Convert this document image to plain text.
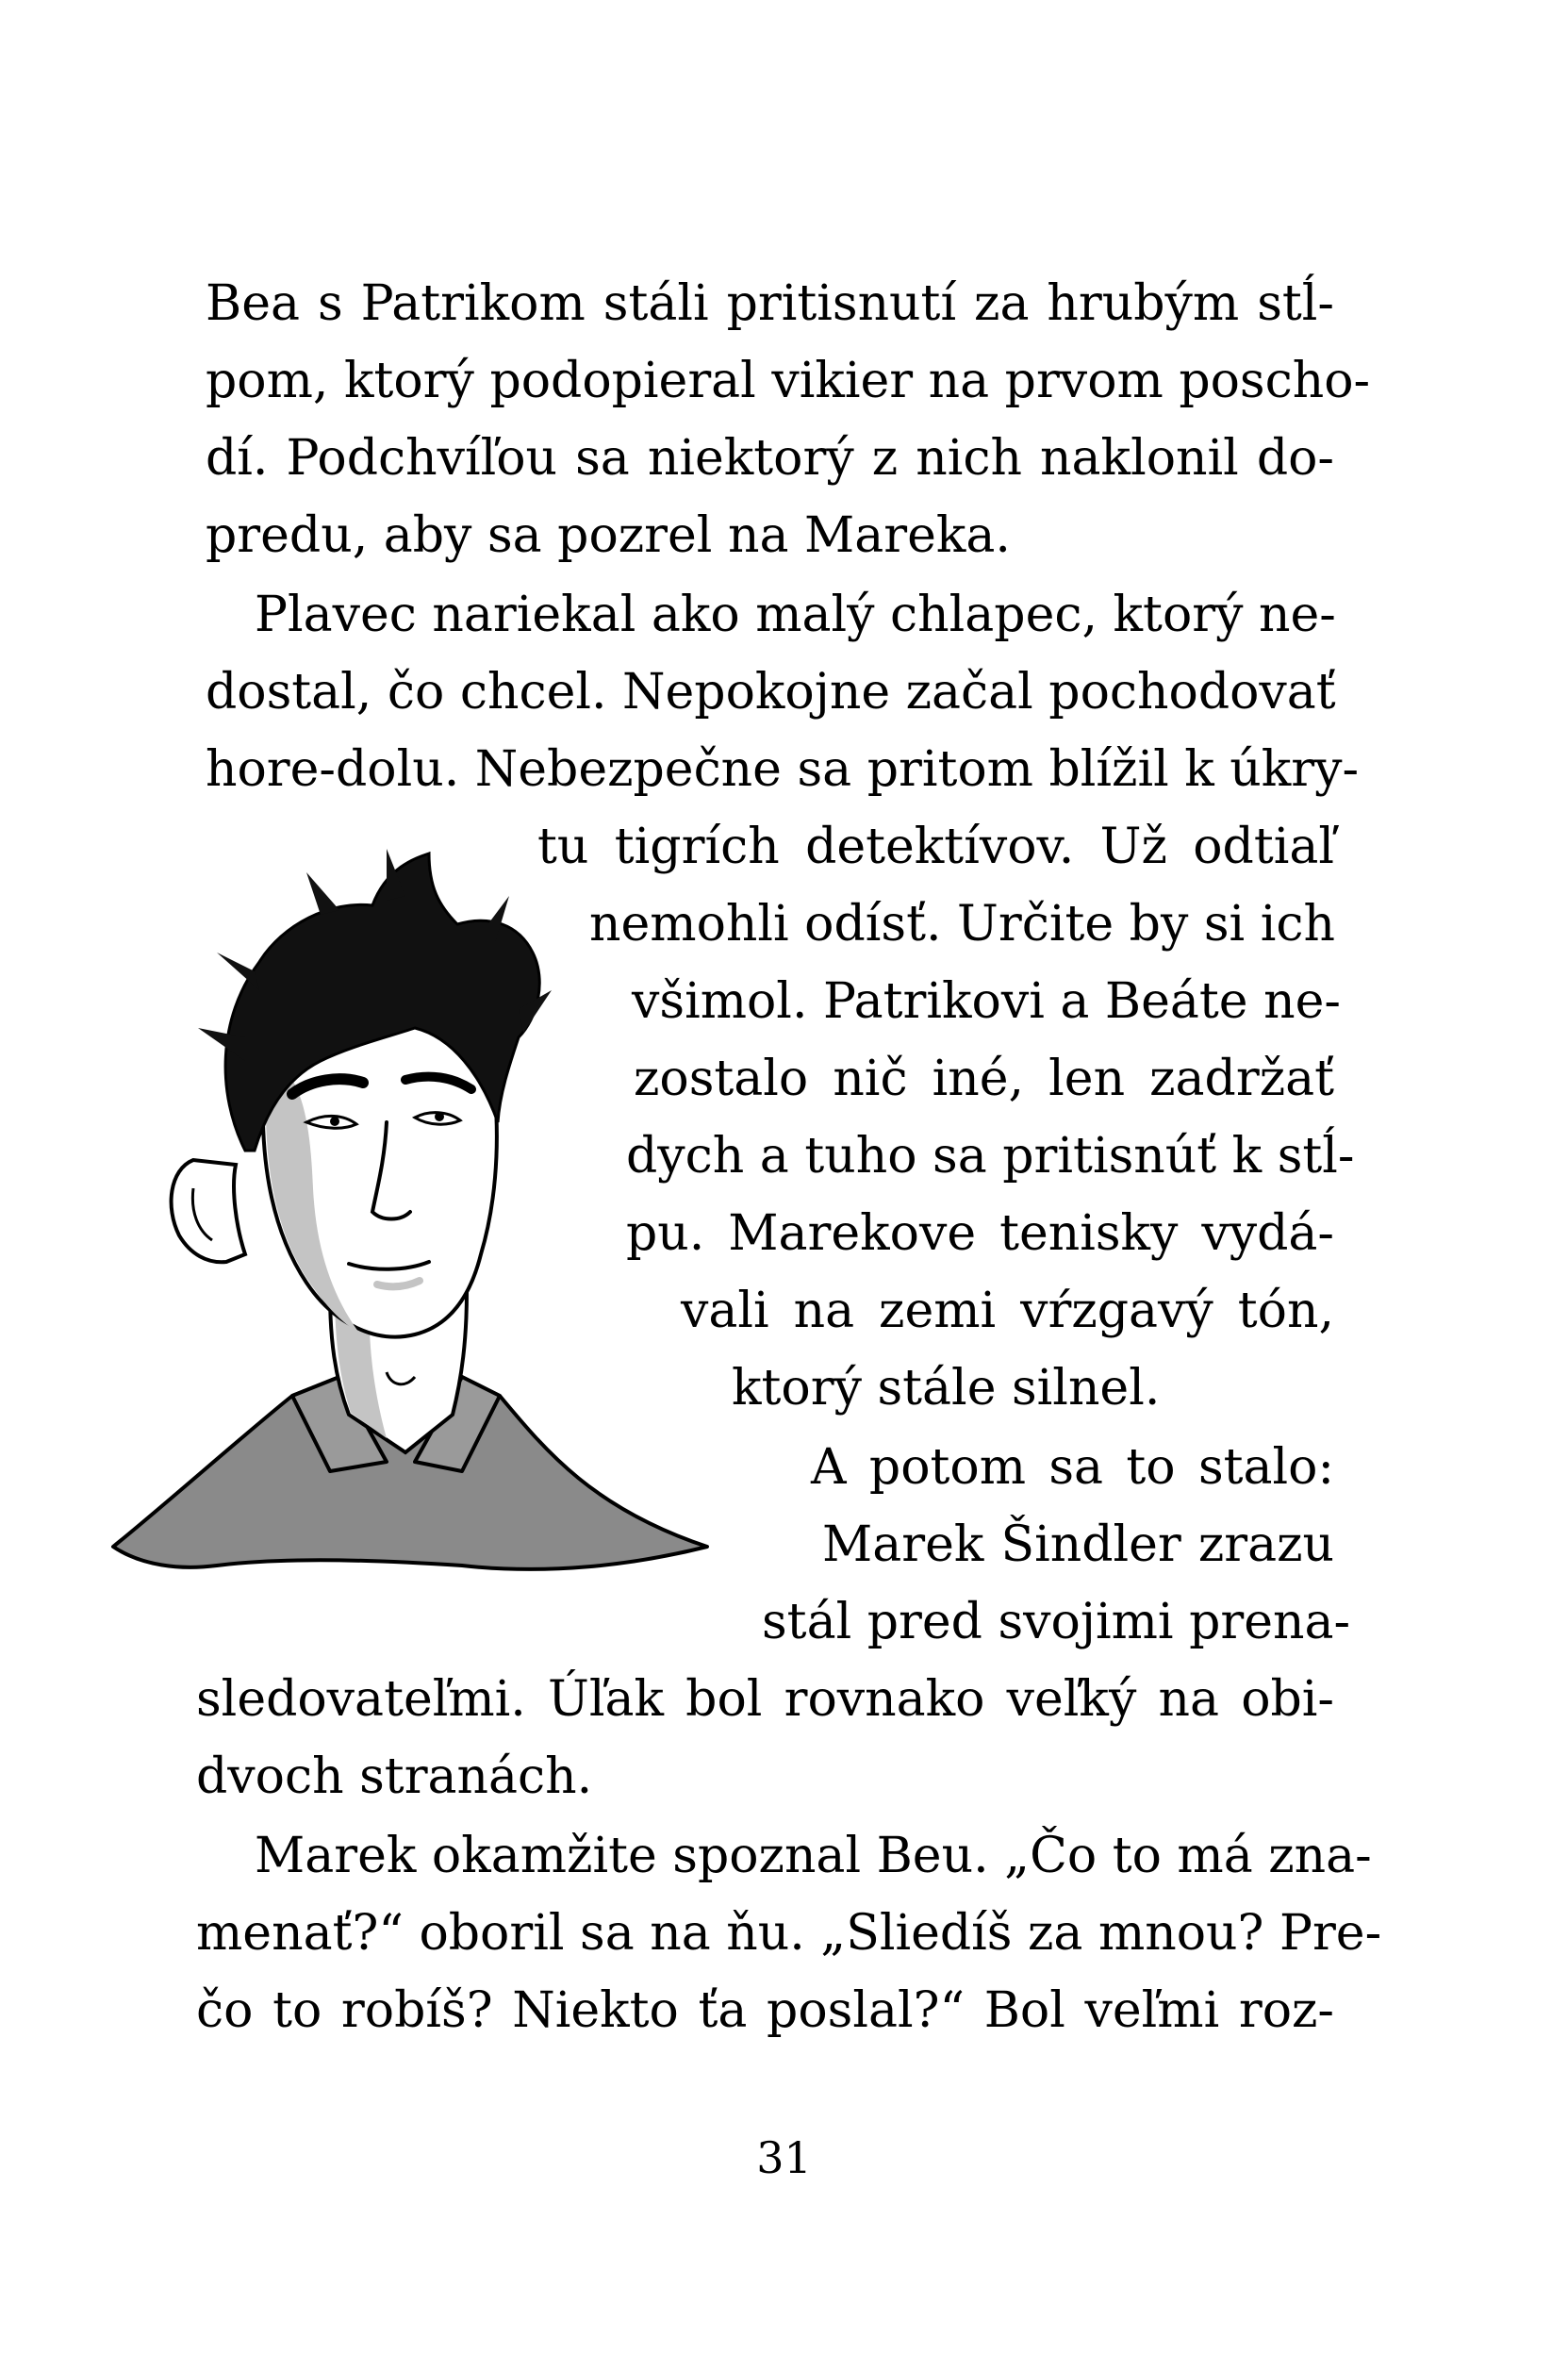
Bea s Patrikom stáli pritisnutí za hrubým stĺ-

pom, ktorý podopieral vikier na prvom poscho-

dí. Podchvíľou sa niektorý z nich naklonil do-

predu, aby sa pozrel na Mareka.

Plavec nariekal ako malý chlapec, ktorý ne-

dostal, čo chcel. Nepokojne začal pochodovať

hore-dolu. Nebezpečne sa pritom blížil k úkry-

tu tigrích detektívov. Už odtiaľ

nemohli odísť. Určite by si ich

všimol. Patrikovi a Beáte ne-

zostalo nič iné, len zadržať

dych a tuho sa pritisnúť k stĺ-

pu. Marekove tenisky vydá-

vali na zemi vŕzgavý tón,

ktorý stále silnel.

A potom sa to stalo:

Marek Šindler zrazu

stál pred svojimi prena-

sledovateľmi. Úľak bol rovnako veľký na obi-

dvoch stranách.

Marek okamžite spoznal Beu. „Čo to má zna-

menať?“ oboril sa na ňu. „Sliedíš za mnou? Pre-

čo to robíš? Niekto ťa poslal?“ Bol veľmi roz-

31
